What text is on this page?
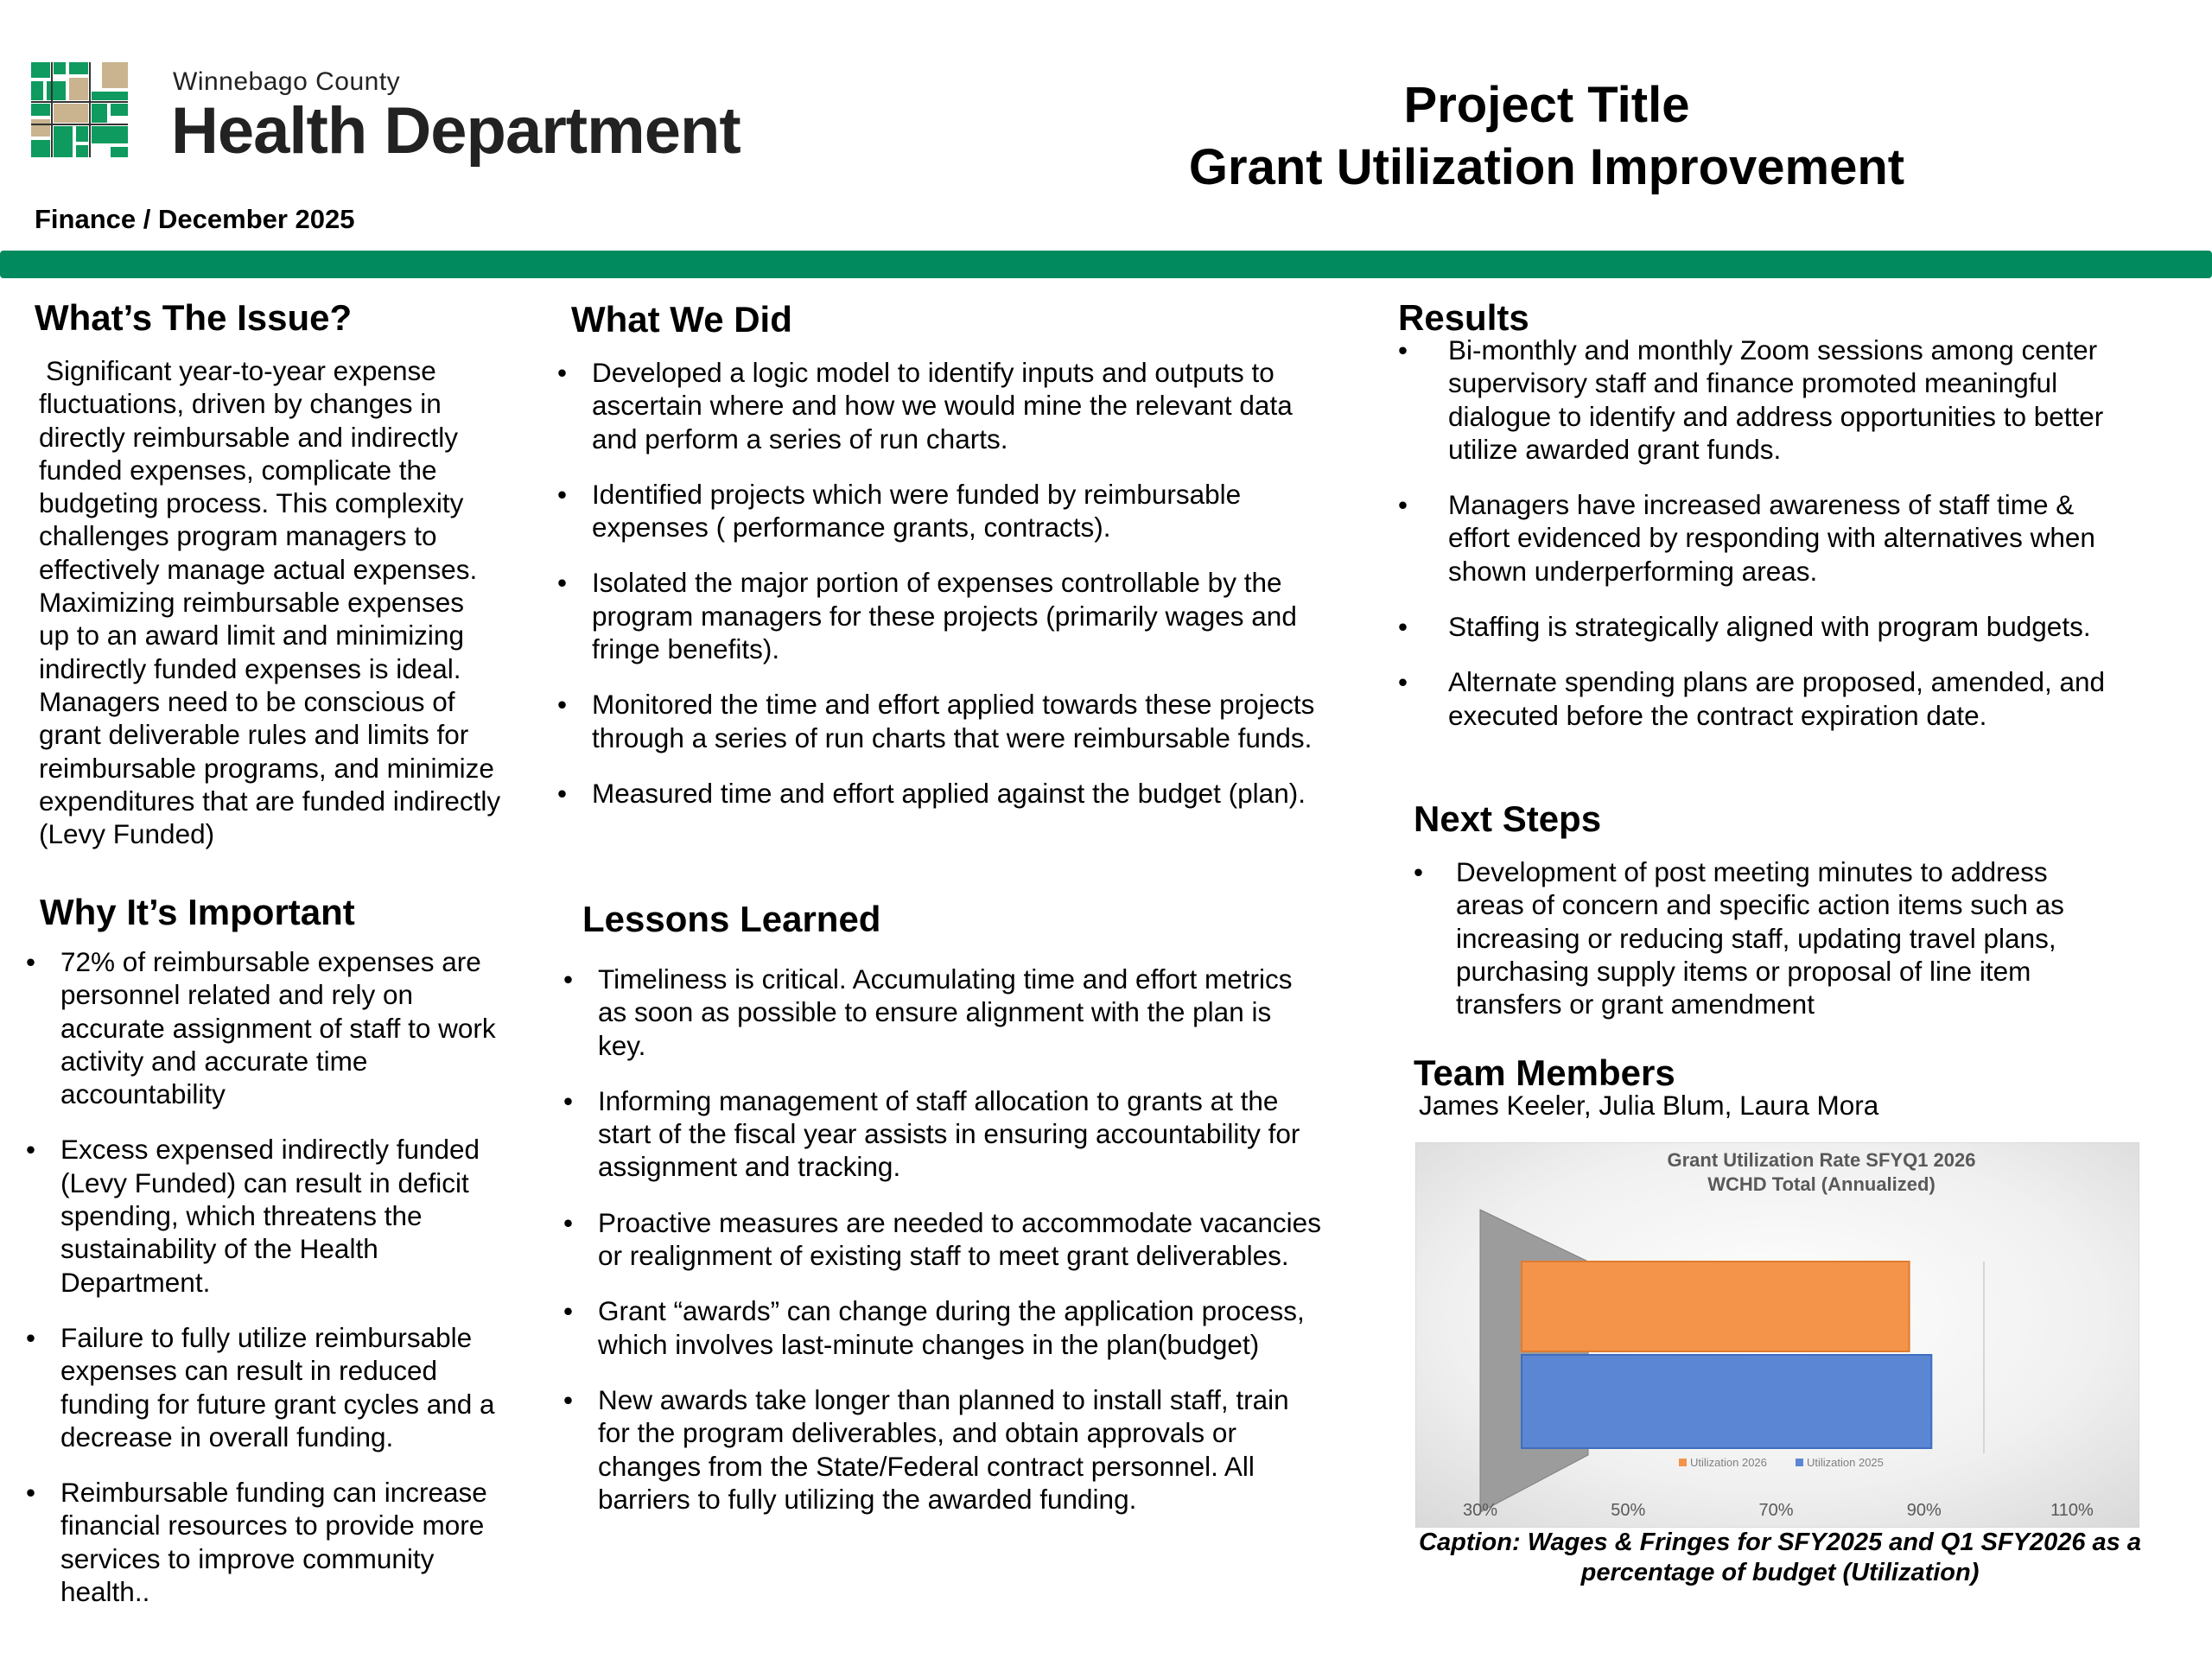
Winnebago County
Health Department
Finance / December 2025
Project Title
Grant Utilization Improvement
What’s The Issue?
Significant year-to-year expense fluctuations, driven by changes in directly reimbursable and indirectly funded expenses, complicate the budgeting process. This complexity challenges program managers to effectively manage actual expenses. Maximizing reimbursable expenses up to an award limit and minimizing indirectly funded expenses is ideal. Managers need to be conscious of grant deliverable rules and limits for reimbursable programs, and minimize expenditures that are funded indirectly (Levy Funded)
Why It’s Important
• 72% of reimbursable expenses are personnel related and rely on accurate assignment of staff to work activity and accurate time accountability
• Excess expensed indirectly funded (Levy Funded) can result in deficit spending, which threatens the sustainability of the Health Department.
• Failure to fully utilize reimbursable expenses can result in reduced funding for future grant cycles and a decrease in overall funding.
• Reimbursable funding can increase financial resources to provide more services to improve community health..
What We Did
• Developed a logic model to identify inputs and outputs to ascertain where and how we would mine the relevant data and perform a series of run charts.
• Identified projects which were funded by reimbursable expenses ( performance grants, contracts).
• Isolated the major portion of expenses controllable by the program managers for these projects (primarily wages and fringe benefits).
• Monitored the time and effort applied towards these projects through a series of run charts that were reimbursable funds.
• Measured time and effort applied against the budget (plan).
Lessons Learned
• Timeliness is critical. Accumulating time and effort metrics as soon as possible to ensure alignment with the plan is key.
• Informing management of staff allocation to grants at the start of the fiscal year assists in ensuring accountability for assignment and tracking.
• Proactive measures are needed to accommodate vacancies or realignment of existing staff to meet grant deliverables.
• Grant “awards” can change during the application process, which involves last-minute changes in the plan(budget)
• New awards take longer than planned to install staff, train for the program deliverables, and obtain approvals or changes from the State/Federal contract personnel. All barriers to fully utilizing the awarded funding.
Results
• Bi-monthly and monthly Zoom sessions among center supervisory staff and finance promoted meaningful dialogue to identify and address opportunities to better utilize awarded grant funds.
• Managers have increased awareness of staff time & effort evidenced by responding with alternatives when shown underperforming areas.
• Staffing is strategically aligned with program budgets.
• Alternate spending plans are proposed, amended, and executed before the contract expiration date.
Next Steps
• Development of post meeting minutes to address areas of concern and specific action items such as increasing or reducing staff, updating travel plans, purchasing supply items or proposal of line item transfers or grant amendment
Team Members
James Keeler, Julia Blum, Laura Mora
Grant Utilization Rate SFYQ1 2026
WCHD Total (Annualized)
Utilization 2026	Utilization 2025
30%	50%	70%	90%	110%
Caption: Wages & Fringes for SFY2025 and Q1 SFY2026 as a percentage of budget (Utilization)
